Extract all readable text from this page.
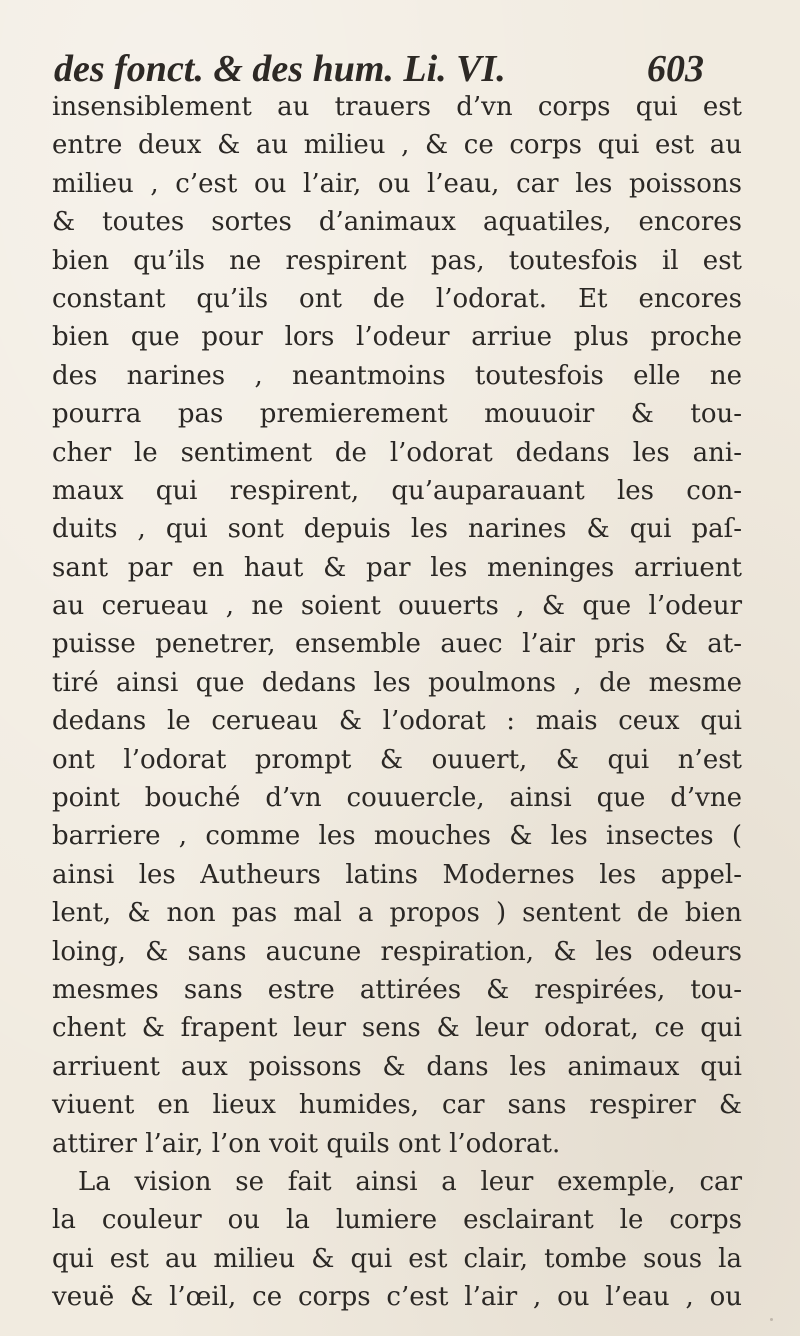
des fonct. & des hum. Li. VI.	603
insensiblement au trauers d’vn corps qui est
entre deux & au milieu , & ce corps qui est au
milieu , c’est ou l’air, ou l’eau, car les poissons
& toutes sortes d’animaux aquatiles, encores
bien qu’ils ne respirent pas, toutesfois il est
constant qu’ils ont de l’odorat. Et encores
bien que pour lors l’odeur arriue plus proche
des narines , neantmoins toutesfois elle ne
pourra pas premierement mouuoir & tou-
cher le sentiment de l’odorat dedans les ani-
maux qui respirent, qu’auparauant les con-
duits , qui sont depuis les narines & qui paſ-
sant par en haut & par les meninges arriuent
au cerueau , ne soient ouuerts , & que l’odeur
puisse penetrer, ensemble auec l’air pris & at-
tiré ainsi que dedans les poulmons , de mesme
dedans le cerueau & l’odorat : mais ceux qui
ont l’odorat prompt & ouuert, & qui n’est
point bouché d’vn couuercle, ainsi que d’vne
barriere , comme les mouches & les insectes (
ainsi les Autheurs latins Modernes les appel-
lent, & non pas mal a propos ) sentent de bien
loing, & sans aucune respiration, & les odeurs
mesmes sans estre attirées & respirées, tou-
chent & frapent leur sens & leur odorat, ce qui
arriuent aux poissons & dans les animaux qui
viuent en lieux humides, car sans respirer &
attirer l’air, l’on voit quils ont l’odorat.
La vision se fait ainsi a leur exemple, car
la couleur ou la lumiere esclairant le corps
qui est au milieu & qui est clair, tombe sous la
veuë & l’œil, ce corps c’est l’air , ou l’eau , ou
